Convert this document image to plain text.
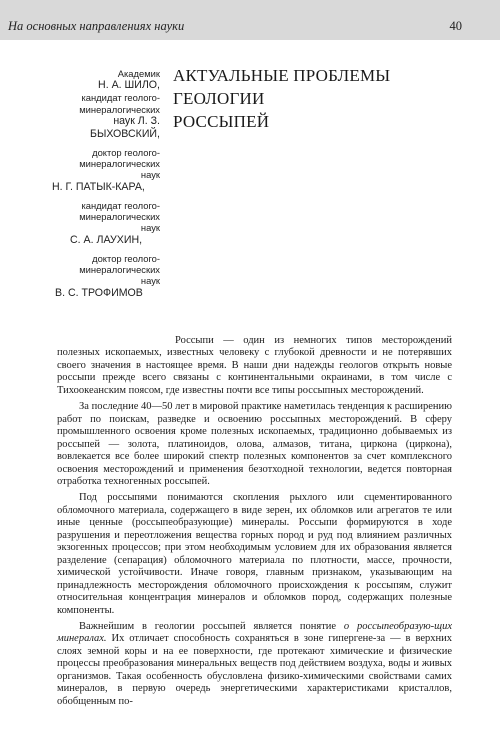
На основных направлениях науки	40
Академик
Н. А. ШИЛО,
кандидат геолого-
минералогических
наук Л. З.
БЫХОВСКИЙ,
доктор геолого-
минералогических
наук
Н. Г. ПАТЫК-КАРА,
кандидат геолого-
минералогических
наук
С. А. ЛАУХИН,
доктор геолого-
минералогических
наук
В. С. ТРОФИМОВ
АКТУАЛЬНЫЕ ПРОБЛЕМЫ
ГЕОЛОГИИ
РОССЫПЕЙ

Россыпи — один из немногих типов месторождений полезных ископаемых, известных человеку с глубокой древности и не потерявших своего значения в настоящее время. В наши дни надежды геологов открыть новые россыпи прежде всего связаны с континентальными окраинами, в том числе с Тихоокеанским поясом, где известны почти все типы россыпных месторождений.

За последние 40—50 лет в мировой практике наметилась тенденция к расширению работ по поискам, разведке и освоению россыпных месторождений. В сферу промышленного освоения кроме полезных ископаемых, традиционно добываемых из россыпей — золота, платиноидов, олова, алмазов, титана, циркона (циркона), вовлекается все более широкий спектр полезных компонентов за счет комплексного освоения месторождений и применения безотходной технологии, ведется повторная отработка техногенных россыпей.

Под россыпями понимаются скопления рыхлого или сцементированного обломочного материала, содержащего в виде зерен, их обломков или агрегатов те или иные ценные (россыпеобразующие) минералы. Россыпи формируются в ходе разрушения и переотложения вещества горных пород и руд под влиянием различных экзогенных процессов; при этом необходимым условием для их образования является разделение (сепарация) обломочного материала по плотности, массе, прочности, химической устойчивости. Иначе говоря, главным признаком, указывающим на принадлежность месторождения обломочного происхождения к россыпям, служит относительная концентрация минералов и обломков пород, содержащих полезные компоненты.

Важнейшим в геологии россыпей является понятие о россыпеобразую-щих минералах. Их отличает способность сохраняться в зоне гипергене-за — в верхних слоях земной коры и на ее поверхности, где протекают химические и физические процессы преобразования минеральных веществ под действием воздуха, воды и живых организмов. Такая особенность обусловлена физико-химическими свойствами самих минералов, в первую очередь энергетическими характеристиками кристаллов, обобщенным по-
